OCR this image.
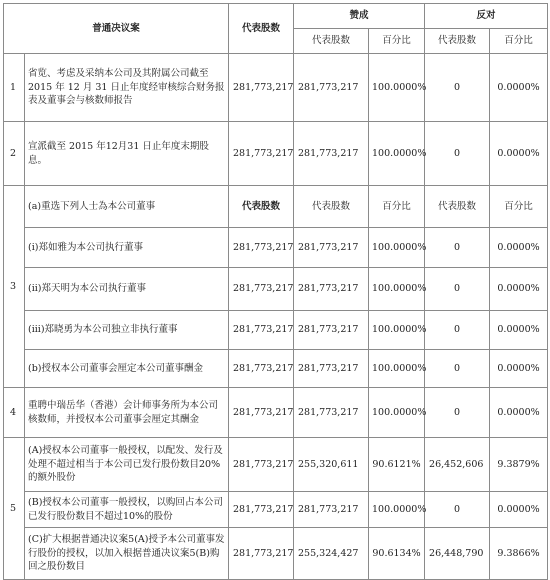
普通决议案		代表股数	赞成		反对	
			代表股数	百分比	代表股数	百分比
1	省览、考虑及采纳本公司及其附属公司截至2015 年 12 月 31 日止年度经审核综合财务报表及董事会与核数师报告	281,773,217	281,773,217	100.0000%	0	0.0000%
2	宣派截至 2015 年12月31 日止年度末期股息。	281,773,217	281,773,217	100.0000%	0	0.0000%
3	(a)重选下列人士為本公司董事	代表股数	代表股数	百分比	代表股数	百分比
	(i)郑如雅为本公司执行董事	281,773,217	281,773,217	100.0000%	0	0.0000%
	(ii)郑天明为本公司执行董事	281,773,217	281,773,217	100.0000%	0	0.0000%
	(iii)郑晓勇为本公司独立非执行董事	281,773,217	281,773,217	100.0000%	0	0.0000%
	(b)授权本公司董事会厘定本公司董事酬金	281,773,217	281,773,217	100.0000%	0	0.0000%
4	重聘中瑞岳华（香港）会计师事务所为本公司核数师，并授权本公司董事会厘定其酬金	281,773,217	281,773,217	100.0000%	0	0.0000%
5	(A)授权本公司董事一般授权，以配发、发行及处理不超过相当于本公司已发行股份数目20%的额外股份	281,773,217	255,320,611	90.6121%	26,452,606	9.3879%
	(B)授权本公司董事一般授权，以购回占本公司已发行股份数目不超过10%的股份	281,773,217	281,773,217	100.0000%	0	0.0000%
	(C)扩大根据普通决议案5(A)授予本公司董事发行股份的授权，以加入根据普通决议案5(B)购回之股份数目	281,773,217	255,324,427	90.6134%	26,448,790	9.3866%
